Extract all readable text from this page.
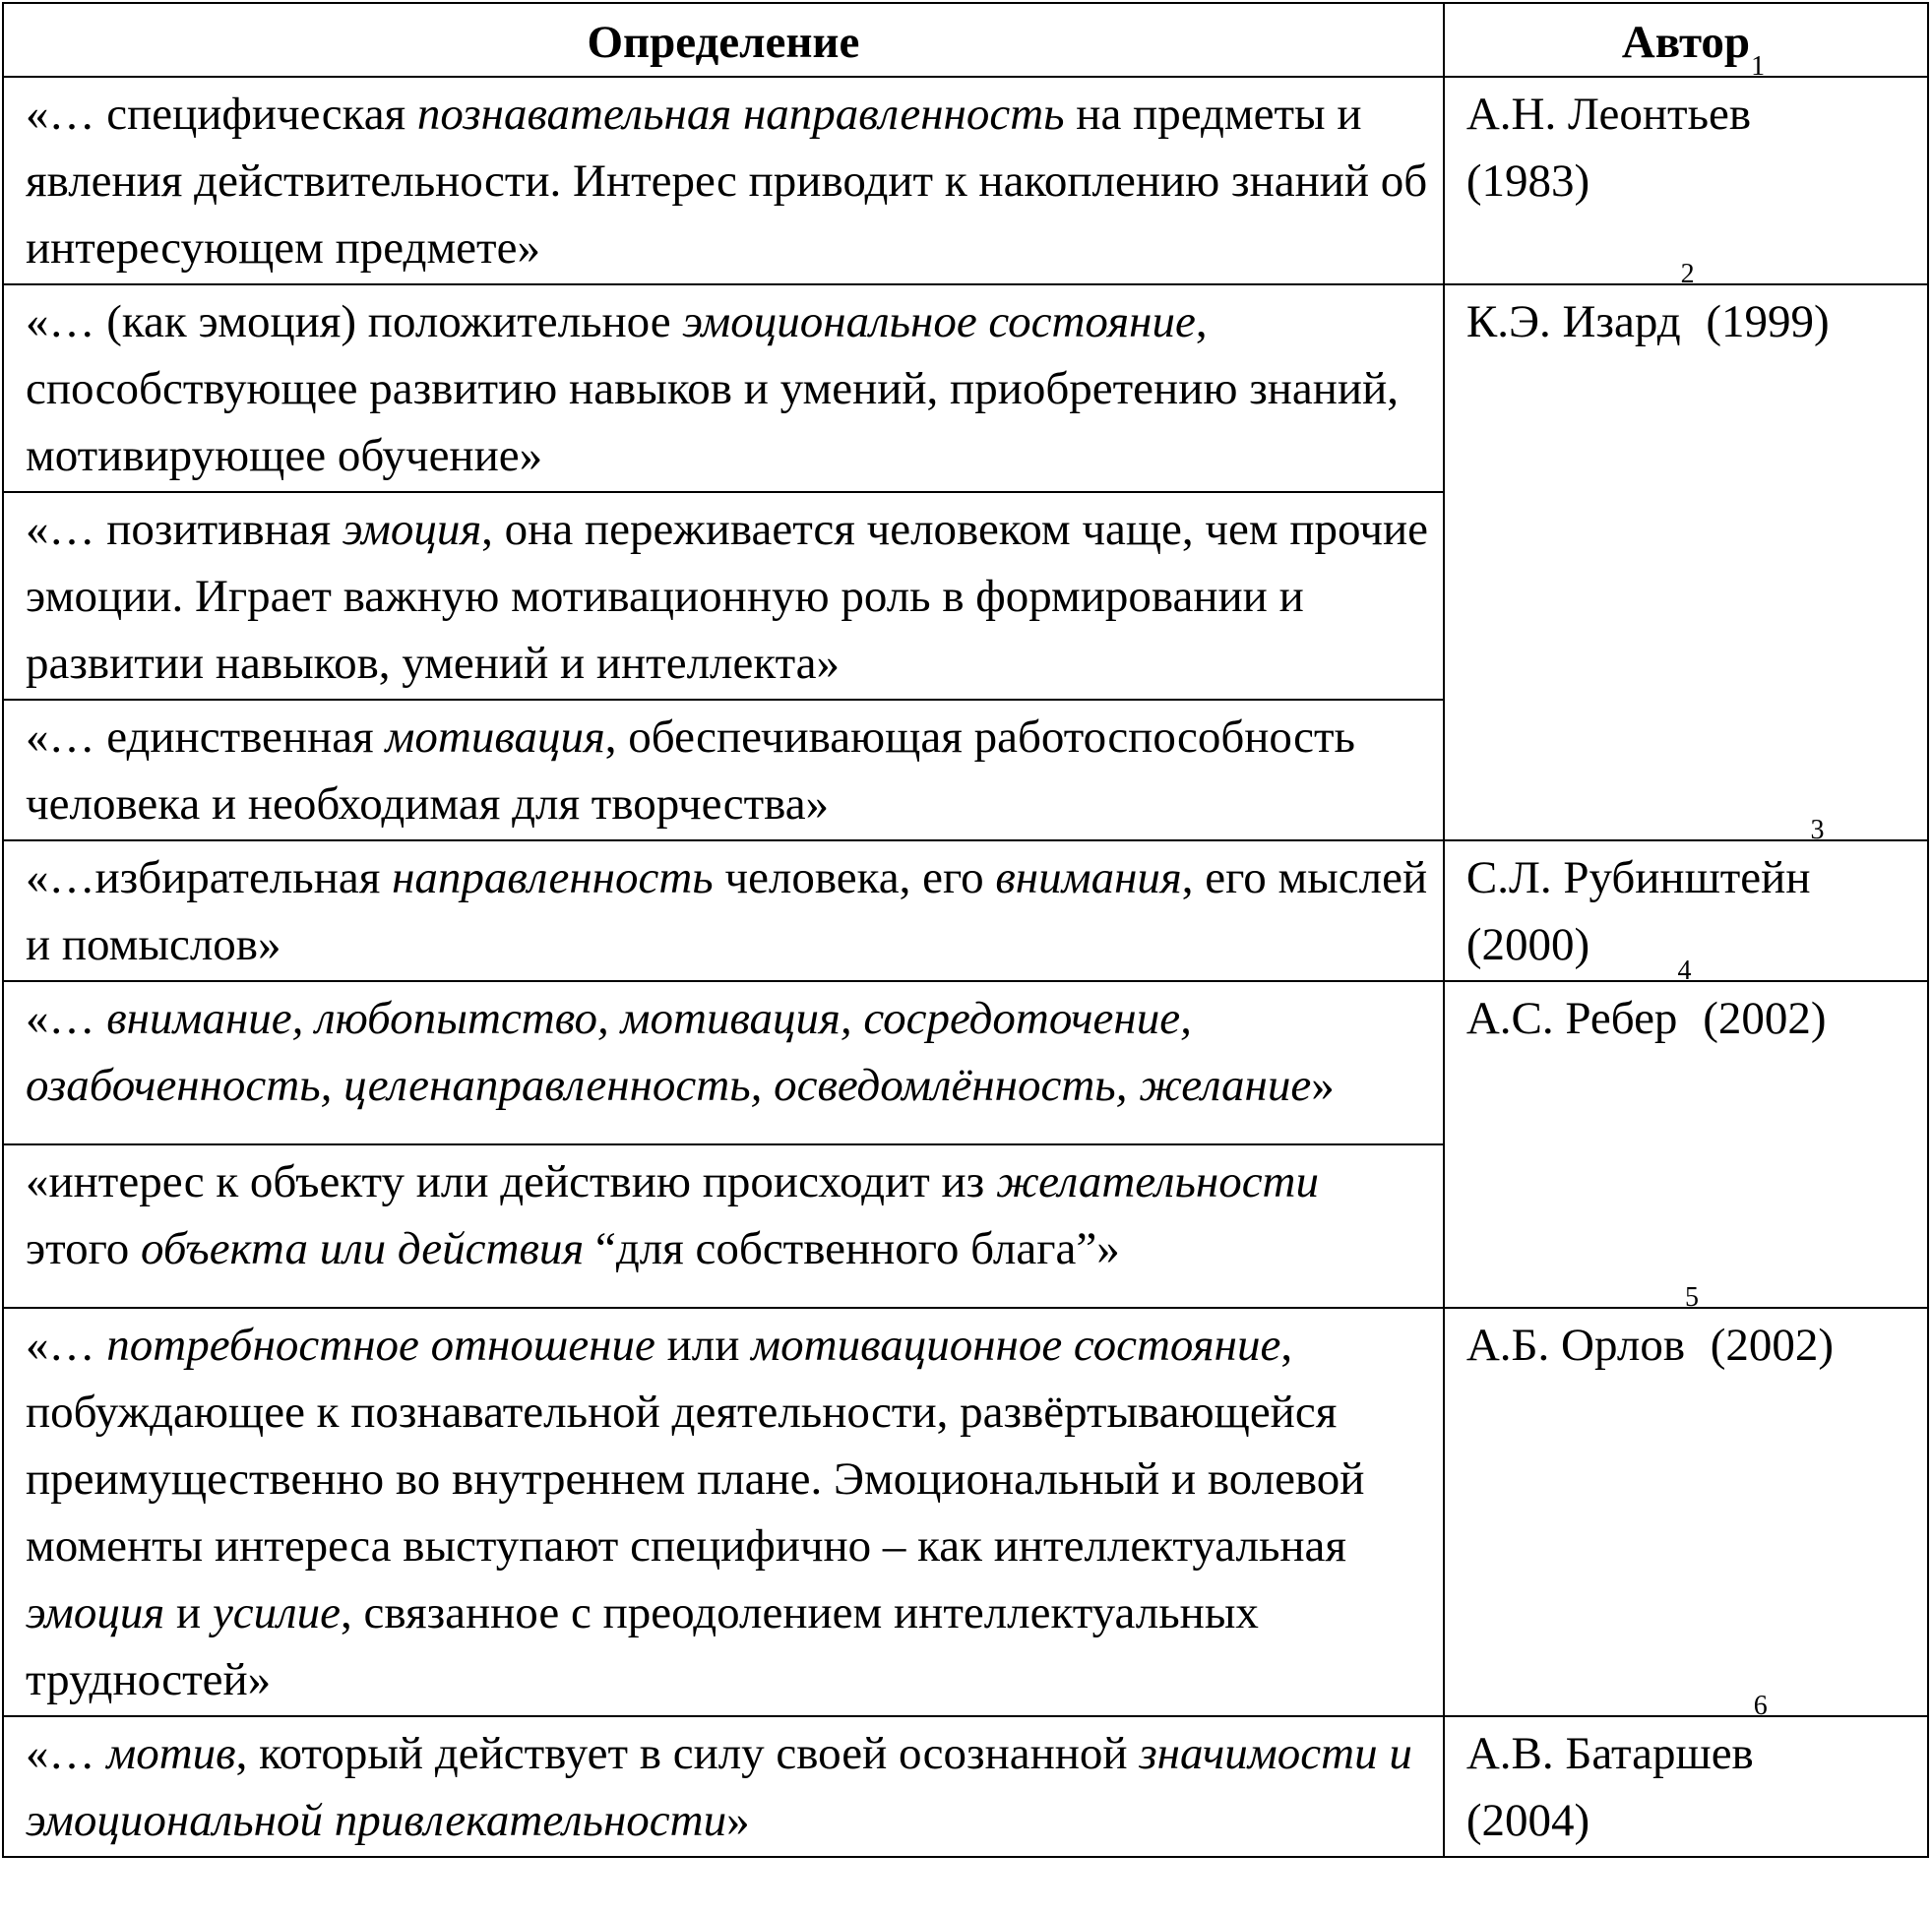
Определение	Автор
«… специфическая познавательная направленность на предметы и явления действительности. Интерес приводит к накоплению знаний об интересующем предмете»	А.Н. Леонтьев$^1$
(1983)
«… (как эмоция) положительное эмоциональное состояние, способствующее развитию навыков и умений, приобретению знаний, мотивирующее обучение»	К.Э. Изард$^2$ (1999)
«… позитивная эмоция, она переживается человеком чаще, чем прочие эмоции. Играет важную мотивационную роль в формировании и развитии навыков, умений и интеллекта»	
«… единственная мотивация, обеспечивающая работоспособность человека и необходимая для творчества»	
«…избирательная направленность человека, его внимания, его мыслей и помыслов»	С.Л. Рубинштейн$^3$
(2000)
«… внимание, любопытство, мотивация, сосредоточение, озабоченность, целенаправленность, осведомлённость, желание»	А.С. Ребер$^4$ (2002)
«интерес к объекту или действию происходит из желательности этого объекта или действия “для собственного блага”»	
«… потребностное отношение или мотивационное состояние, побуждающее к познавательной деятельности, развёртывающейся преимущественно во внутреннем плане. Эмоциональный и волевой моменты интереса выступают специфично – как интеллектуальная эмоция и усилие, связанное с преодолением интеллектуальных трудностей»	А.Б. Орлов$^5$ (2002)
«… мотив, который действует в силу своей осознанной значимости и эмоциональной привлекательности»	А.В. Батаршев$^6$
(2004)
